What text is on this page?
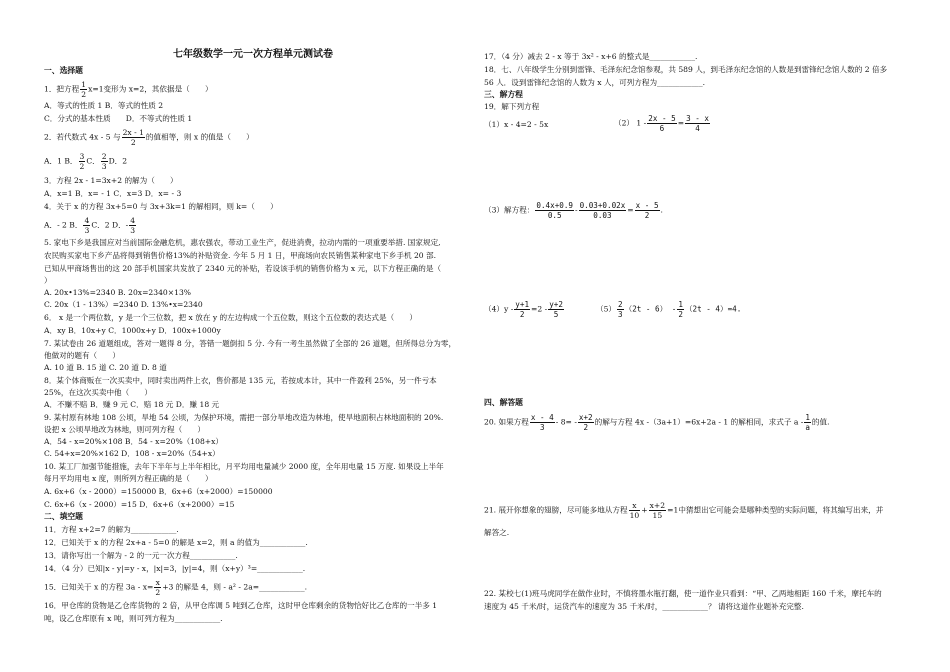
七年级数学一元一次方程单元测试卷
一、选择题
1．把方程 $\frac{1}{2} x=1$变形为 x=2，其依据是（　　）
A．等式的性质 1 B．等式的性质 2
C．分式的基本性质　　D．不等式的性质 1
2．若代数式 4x - 5 与 $\frac{2x - 1}{2}$ 的值相等，则 x 的值是（　　）
A．1 B． $\frac{3}{2}$ C． $\frac{2}{3}$ D．2
3．方程 2x - 1=3x+2 的解为（　　）
A．x=1 B．x= - 1 C．x=3 D．x= - 3
4．关于 x 的方程 3x+5=0 与 3x+3k=1 的解相同，则 k=（　　）
A．- 2 B． $\frac{4}{3}$ C．2 D．- $\frac{4}{3}$
5. 家电下乡是我国应对当前国际金融危机，惠农强农，带动工业生产，促进消费，拉动内需的一项重要举措. 国家规定,
农民购买家电下乡产品将得到销售价格13%的补贴资金. 今年 5 月 1 日，甲商场向农民销售某种家电下乡手机 20 部.
已知从甲商场售出的这 20 部手机国家共发放了 2340 元的补贴，若设该手机的销售价格为 x 元，以下方程正确的是（
）
A. 20x•13%=2340 B. 20x=2340×13%
C. 20x（1 - 13%）=2340 D. 13%•x=2340
6． x 是一个两位数，y 是一个三位数，把 x 放在 y 的左边构成一个五位数，则这个五位数的表达式是（　　）
A．xy B．10x+y C．1000x+y D．100x+1000y
7. 某试卷由 26 道题组成，答对一题得 8 分，答错一题倒扣 5 分. 今有一考生虽然做了全部的 26 道题，但所得总分为零，
他做对的题有（　　）
A. 10 道 B. 15 道 C. 20 道 D. 8 道
8．某个体商贩在一次买卖中，同时卖出两件上衣，售价都是 135 元，若按成本计，其中一件盈利 25%，另一件亏本
25%，在这次买卖中他（　　）
A．不赚不赔 B．赚 9 元 C．赔 18 元 D．赚 18 元
9. 某村原有林地 108 公顷，旱地 54 公顷，为保护环境，需把一部分旱地改造为林地，使旱地面积占林地面积的 20%.
设把 x 公顷旱地改为林地，则可列方程（　　）
A．54 - x=20%×108 B．54 - x=20%（108+x）
C. 54+x=20%×162 D．108 - x=20%（54+x）
10. 某工厂加强节能措施，去年下半年与上半年相比，月平均用电量减少 2000 度，全年用电量 15 万度. 如果设上半年
每月平均用电 x 度，则所列方程正确的是（　　）
A. 6x+6（x - 2000）=150000 B．6x+6（x+2000）=150000
C. 6x+6（x - 2000）=15 D．6x+6（x+2000）=15
二、填空题
11．方程 x+2=7 的解为____________.
12．已知关于 x 的方程 2x+a - 5=0 的解是 x=2，则 a 的值为____________.
13．请你写出一个解为 - 2 的一元一次方程____________.
14．（4 分）已知|x - y|=y - x，|x|=3，|y|=4，则（x+y）³=____________.
15．已知关于 x 的方程 $3a - x= \frac{x}{2} +3$ 的解是 4，则 - a² - 2a=____________.
16．甲仓库的货物是乙仓库货物的 2 倍，从甲仓库调 5 吨到乙仓库，这时甲仓库剩余的货物恰好比乙仓库的一半多 1
吨，设乙仓库原有 x 吨，则可列方程为____________.
17．（4 分）减去 2 - x 等于 3x² - x+6 的整式是____________.
18．七、八年级学生分别到雷锋、毛泽东纪念馆参观，共 589 人，到毛泽东纪念馆的人数是到雷锋纪念馆人数的 2 倍多
56 人．设到雷锋纪念馆的人数为 x 人，可列方程为____________.
三、解方程
19．解下列方程
（1）x - 4=2 - 5x	（2） $1 - \frac{2x - 5}{6} = \frac{3 - x}{4}$
（3）解方程： $\frac{0.4x+0.9}{0.5} - \frac{0.03+0.02x}{0.03} = \frac{x - 5}{2}$ .
$(4)y - \frac{y+1}{2} =2 - \frac{y+2}{5}$	$(5) \frac{2}{3} (2t - 6) - \frac{1}{2} (2t - 4)=4$.
四、解答题
20. 如果方程 $\frac{x - 4}{3} - 8= - \frac{x+2}{2}$ 的解与方程 4x -（3a+1）=6x+2a - 1 的解相同，求式子 a - $\frac{1}{a}$ 的值.
21. 展开你想象的翅膀，尽可能多地从方程 $\frac{x}{10} + \frac{x+2}{15} =1$中猜想出它可能会是哪种类型的实际问题，将其编写出来，并
解答之.
22. 某校七(1)班马虎同学在做作业时，不慎将墨水瓶打翻，使一道作业只看到：“甲、乙两地相距 160 千米，摩托车的
速度为 45 千米/时，运货汽车的速度为 35 千米/时，____________？ 请将这道作业题补充完整.
